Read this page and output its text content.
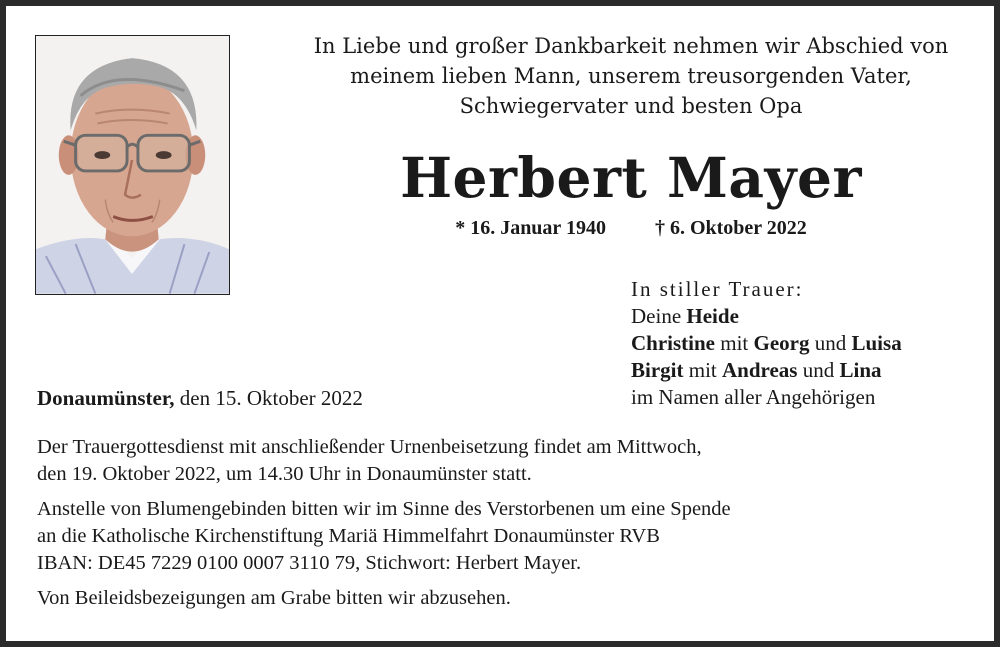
In Liebe und großer Dankbarkeit nehmen wir Abschied von
meinem lieben Mann, unserem treusorgenden Vater,
Schwiegervater und besten Opa
Herbert Mayer
* 16. Januar 1940 † 6. Oktober 2022
In stiller Trauer:
Deine Heide
Christine mit Georg und Luisa
Birgit mit Andreas und Lina
im Namen aller Angehörigen
Donaumünster, den 15. Oktober 2022

Der Trauergottesdienst mit anschließender Urnenbeisetzung findet am Mittwoch,
den 19. Oktober 2022, um 14.30 Uhr in Donaumünster statt.

Anstelle von Blumengebinden bitten wir im Sinne des Verstorbenen um eine Spende
an die Katholische Kirchenstiftung Mariä Himmelfahrt Donaumünster RVB
IBAN: DE45 7229 0100 0007 3110 79, Stichwort: Herbert Mayer.

Von Beileidsbezeigungen am Grabe bitten wir abzusehen.
